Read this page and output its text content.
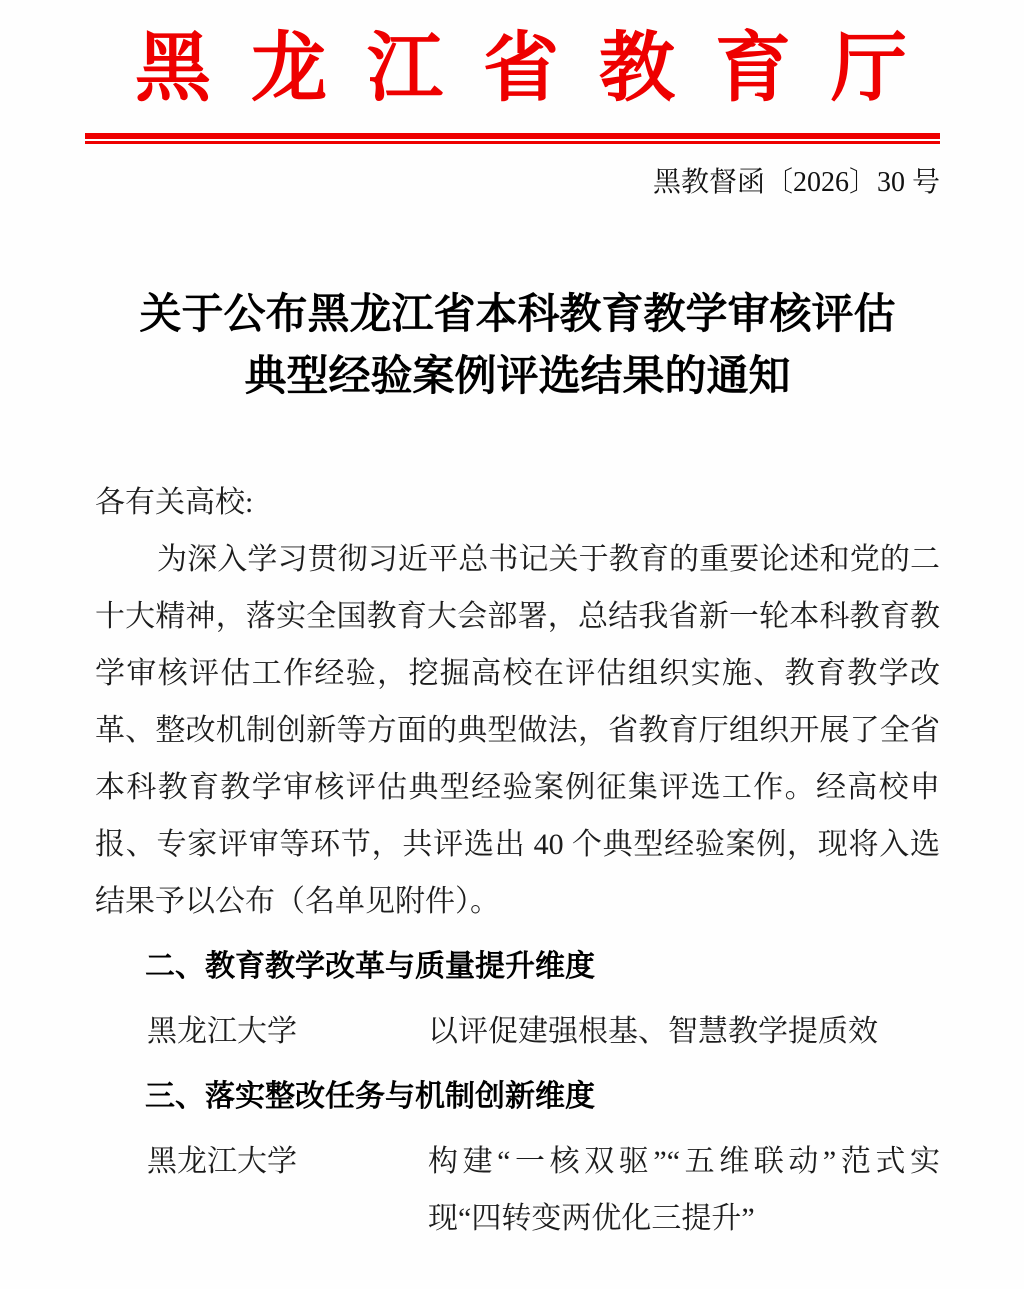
黑龙江省教育厅
黑教督函〔2026〕30 号
关于公布黑龙江省本科教育教学审核评估
典型经验案例评选结果的通知

各有关高校:

为深入学习贯彻习近平总书记关于教育的重要论述和党的二十大精神，落实全国教育大会部署，总结我省新一轮本科教育教学审核评估工作经验，挖掘高校在评估组织实施、教育教学改革、整改机制创新等方面的典型做法，省教育厅组织开展了全省本科教育教学审核评估典型经验案例征集评选工作。经高校申报、专家评审等环节，共评选出 40 个典型经验案例，现将入选结果予以公布（名单见附件）。

二、教育教学改革与质量提升维度
黑龙江大学	以评促建强根基、智慧教学提质效
三、落实整改任务与机制创新维度
黑龙江大学	构建“一核双驱”“五维联动”范式实现“四转变两优化三提升”
